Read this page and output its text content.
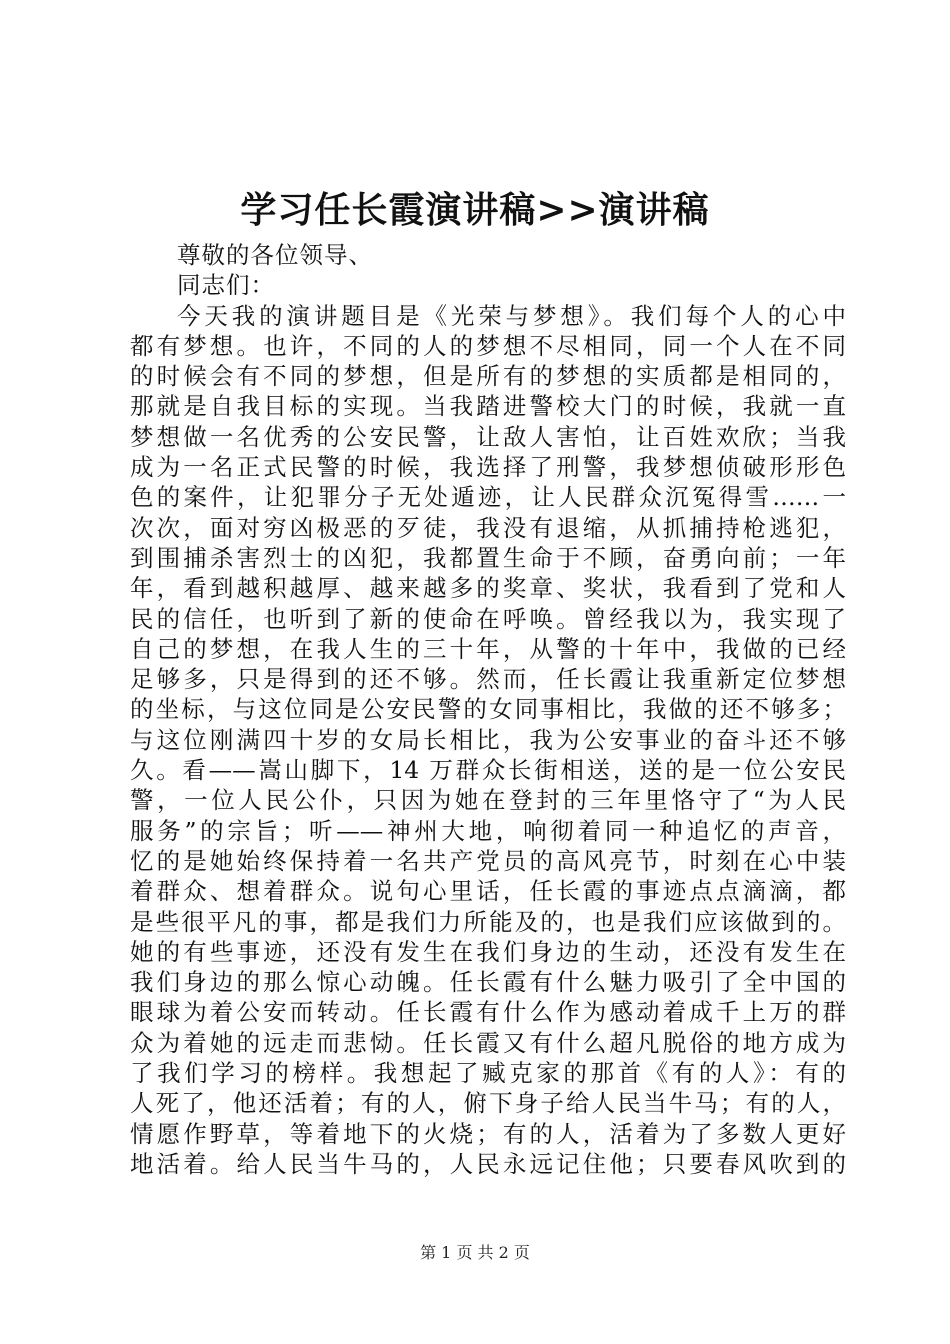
学习任长霞演讲稿>>演讲稿
尊敬的各位领导、
同志们：
今天我的演讲题目是《光荣与梦想》。我们每个人的心中
都有梦想。也许，不同的人的梦想不尽相同，同一个人在不同
的时候会有不同的梦想，但是所有的梦想的实质都是相同的，
那就是自我目标的实现。当我踏进警校大门的时候，我就一直
梦想做一名优秀的公安民警，让敌人害怕，让百姓欢欣；当我
成为一名正式民警的时候，我选择了刑警，我梦想侦破形形色
色的案件，让犯罪分子无处遁迹，让人民群众沉冤得雪……一
次次，面对穷凶极恶的歹徒，我没有退缩，从抓捕持枪逃犯，
到围捕杀害烈士的凶犯，我都置生命于不顾，奋勇向前；一年
年，看到越积越厚、越来越多的奖章、奖状，我看到了党和人
民的信任，也听到了新的使命在呼唤。曾经我以为，我实现了
自己的梦想，在我人生的三十年，从警的十年中，我做的已经
足够多，只是得到的还不够。然而，任长霞让我重新定位梦想
的坐标，与这位同是公安民警的女同事相比，我做的还不够多；
与这位刚满四十岁的女局长相比，我为公安事业的奋斗还不够
久。看——嵩山脚下，14 万群众长街相送，送的是一位公安民
警，一位人民公仆，只因为她在登封的三年里恪守了“为人民
服务”的宗旨；听——神州大地，响彻着同一种追忆的声音，
忆的是她始终保持着一名共产党员的高风亮节，时刻在心中装
着群众、想着群众。说句心里话，任长霞的事迹点点滴滴，都
是些很平凡的事，都是我们力所能及的，也是我们应该做到的。
她的有些事迹，还没有发生在我们身边的生动，还没有发生在
我们身边的那么惊心动魄。任长霞有什么魅力吸引了全中国的
眼球为着公安而转动。任长霞有什么作为感动着成千上万的群
众为着她的远走而悲恸。任长霞又有什么超凡脱俗的地方成为
了我们学习的榜样。我想起了臧克家的那首《有的人》：有的
人死了，他还活着；有的人，俯下身子给人民当牛马；有的人，
情愿作野草，等着地下的火烧；有的人，活着为了多数人更好
地活着。给人民当牛马的，人民永远记住他；只要春风吹到的
第 1 页 共 2 页
